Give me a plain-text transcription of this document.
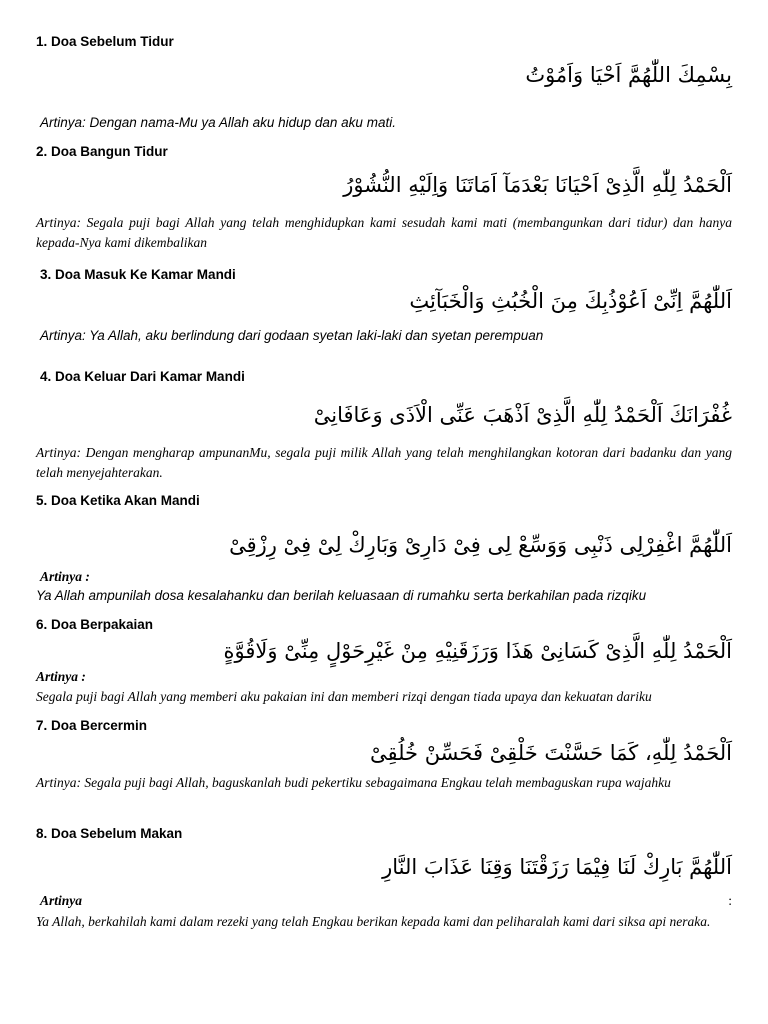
1. Doa Sebelum Tidur
بِسْمِكَ اللّٰهُمَّ اَحْيَا وَاَمُوْتُ
Artinya: Dengan nama-Mu ya Allah aku hidup dan aku mati.
2. Doa Bangun Tidur
اَلْحَمْدُ لِلّٰهِ الَّذِىْ اَحْيَانَا بَعْدَمَآ اَمَاتَنَا وَاِلَيْهِ النُّشُوْرُ
Artinya: Segala puji bagi Allah yang telah menghidupkan kami sesudah kami mati (membangunkan dari tidur) dan hanya kepada-Nya kami dikembalikan
3. Doa Masuk Ke Kamar Mandi
اَللّٰهُمَّ اِنِّىْ اَعُوْذُبِكَ مِنَ الْخُبُثِ وَالْخَبَآئِثِ
Artinya: Ya Allah, aku berlindung dari godaan syetan laki-laki dan syetan perempuan
4. Doa Keluar Dari Kamar Mandi
غُفْرَانَكَ اَلْحَمْدُ لِلّٰهِ الَّذِىْ اَذْهَبَ عَنِّى الْاَذَى وَعَافَانِىْ
Artinya: Dengan mengharap ampunanMu, segala puji milik Allah yang telah menghilangkan kotoran dari badanku dan yang telah menyejahterakan.
5. Doa Ketika Akan Mandi
اَللّٰهُمَّ اغْفِرْلِى ذَنْبِى وَوَسِّعْ لِى فِىْ دَارِىْ وَبَارِكْ لِىْ فِىْ رِزْقِىْ
Artinya :
Ya Allah ampunilah dosa kesalahanku dan berilah keluasaan di rumahku serta berkahilan pada rizqiku
6. Doa Berpakaian
اَلْحَمْدُ لِلّٰهِ الَّذِىْ كَسَانِىْ هَذَا وَرَزَقَنِيْهِ مِنْ غَيْرِحَوْلٍ مِنِّىْ وَلَاقُوَّةٍ
Artinya :
Segala puji bagi Allah yang memberi aku pakaian ini dan memberi rizqi dengan tiada upaya dan kekuatan dariku
7. Doa Bercermin
اَلْحَمْدُ لِلّٰهِ، كَمَا حَسَّنْتَ خَلْقِىْ فَحَسِّنْ خُلُقِىْ
Artinya: Segala puji bagi Allah, baguskanlah budi pekertiku sebagaimana Engkau telah membaguskan rupa wajahku
8. Doa Sebelum Makan
اَللّٰهُمَّ بَارِكْ لَنَا فِيْمَا رَزَقْتَنَا وَقِنَا عَذَابَ النَّارِ
Artinya	:
Ya Allah, berkahilah kami dalam rezeki yang telah Engkau berikan kepada kami dan peliharalah kami dari siksa api neraka.
